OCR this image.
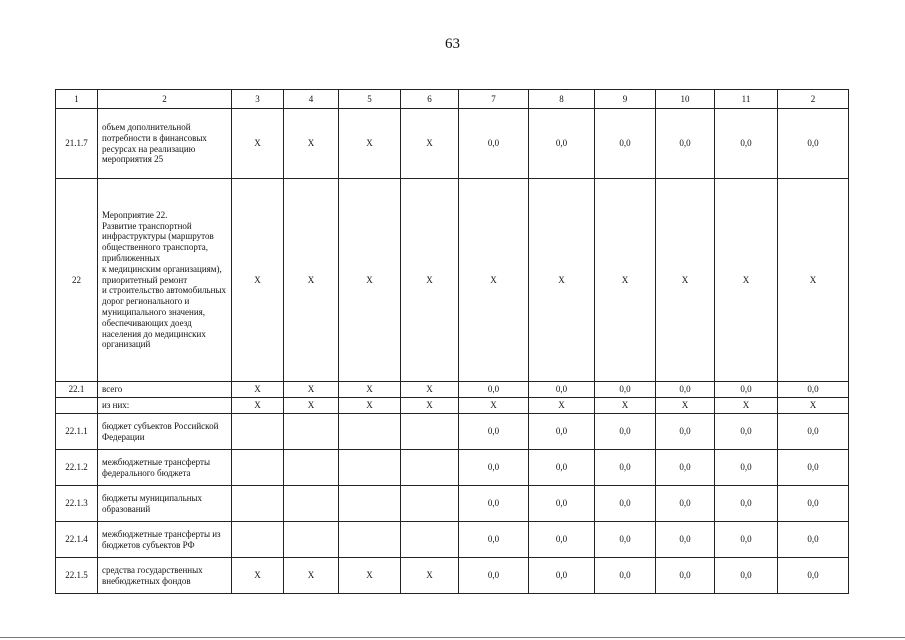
63
1	2	3	4	5	6	7	8	9	10	11	2
21.1.7	объем дополнительной потребности в финансовых ресурсах на реализацию мероприятия 25	Х	Х	Х	Х	0,0	0,0	0,0	0,0	0,0	0,0
22	Мероприятие 22.
Развитие транспортной инфраструктуры (маршрутов общественного транспорта, приближенных
к медицинским организациям), приоритетный ремонт
и строительство автомобильных дорог регионального и муниципального значения, обеспечивающих доезд населения до медицинских организаций	Х	Х	Х	Х	Х	Х	Х	Х	Х	Х
22.1	всего	Х	Х	Х	Х	0,0	0,0	0,0	0,0	0,0	0,0
	из них:	Х	Х	Х	Х	Х	Х	Х	Х	Х	Х
22.1.1	бюджет субъектов Российской Федерации					0,0	0,0	0,0	0,0	0,0	0,0
22.1.2	межбюджетные трансферты федерального бюджета					0,0	0,0	0,0	0,0	0,0	0,0
22.1.3	бюджеты муниципальных образований					0,0	0,0	0,0	0,0	0,0	0,0
22.1.4	межбюджетные трансферты из бюджетов субъектов РФ					0,0	0,0	0,0	0,0	0,0	0,0
22.1.5	средства государственных внебюджетных фондов	Х	Х	Х	Х	0,0	0,0	0,0	0,0	0,0	0,0
